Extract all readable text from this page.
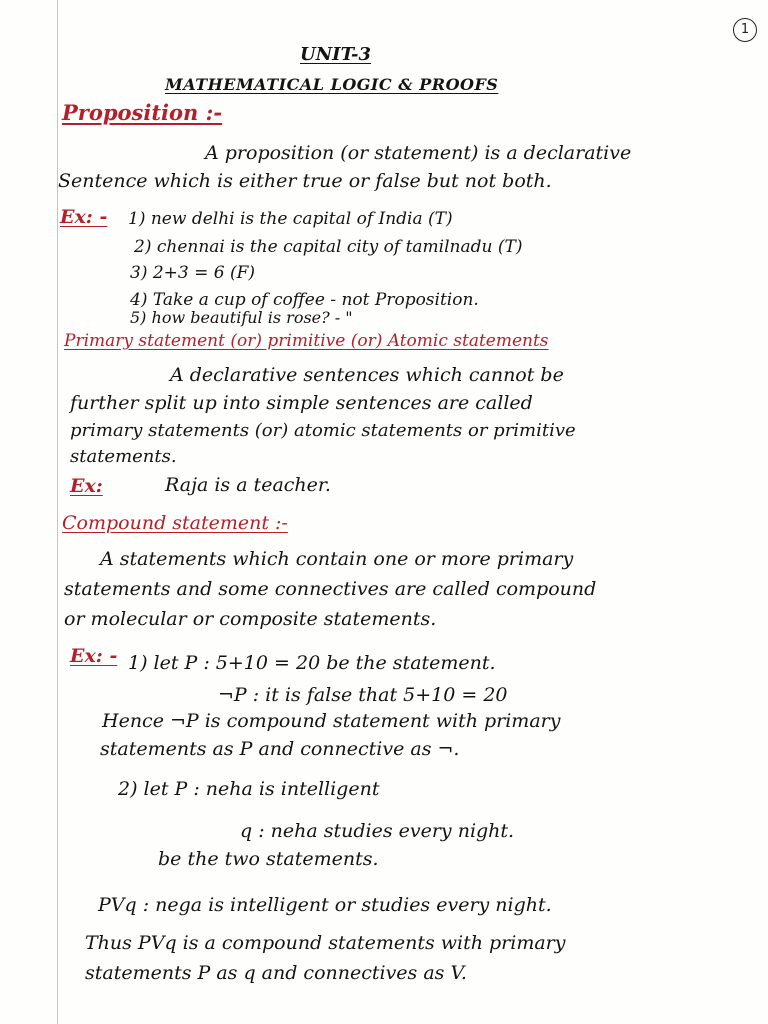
1
UNIT-3
MATHEMATICAL LOGIC & PROOFS
Proposition :-
A proposition (or statement) is a declarative
Sentence which is either true or false but not both.
Ex: - 1) new delhi is the capital of India (T)
2) chennai is the capital city of tamilnadu (T)
3) 2+3 = 6 (F)
4) Take a cup of coffee - not Proposition.
5) how beautiful is rose? - "
Primary statement (or) primitive (or) Atomic statements
A declarative sentences which cannot be
further split up into simple sentences are called
primary statements (or) atomic statements or primitive
statements.
Ex:	Raja is a teacher.
Compound statement :-
A statements which contain one or more primary
statements and some connectives are called compound
or molecular or composite statements.
Ex: - 1) let P : 5+10 = 20 be the statement.
¬P : it is false that 5+10 = 20
Hence ¬P is compound statement with primary
statements as P and connective as ¬.
2) let P : neha is intelligent
q : neha studies every night.
be the two statements.
PVq : nega is intelligent or studies every night.
Thus PVq is a compound statements with primary
statements P as q and connectives as V.
